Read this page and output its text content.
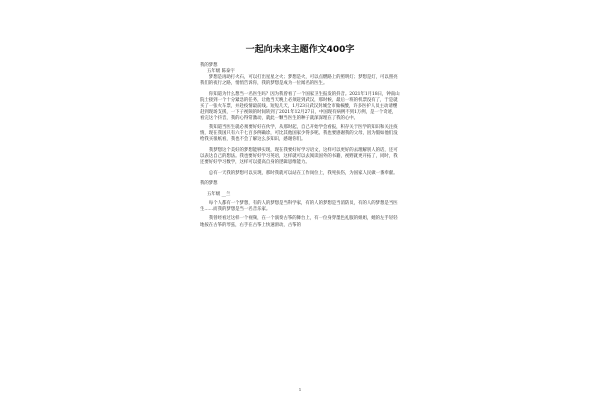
一起向未来主题作文400字

我的梦想

五年级 陈泰宇

梦想是再助打火石，可以打出星星之火；梦想是火，可以点燃路上的照明灯；梦想是灯，可以照亮我们的夜行之路，悄悄告诉你，我的梦想是成为一位闻名的医生。

你知道为什么想当一名医生吗？因为我曾看了一个国家卫生报发的抖音。2021年1月18日，钟南山院士接到一个十分紧急的任务，让他当天晚上必须赶到武汉，那时候，最后一班的机票没有了，于是就买了一张火车票，并赴疫情最前线。短短几天，1月23日武汉封城全市做核酸，许多医护人员主动请缨赶到现场支援，一下子视频的时间转到了2021年12月27日，中国现有病例不到1万例，是一个奇迹，看完这个抖音，我的心得常激动，就此一颗当医生的种子就深深埋在了我的心中。

我知道当医生就必须要好好在伙学，从那时起，自己开始学会看报，积存关于医学的知识和关注疫情，现在我国只有六千七百多例确诊，可比其他国家少得多呢。我也要感谢我的父母，因为假如他们没给我买很纸看，我也不会了解这么多知识，感谢你们。

我梦想这个美好的梦想能够实现，现在我要好好学习语文，这样可以更好的去理解别人的话，还可以表达自己的想法。我也要好好学习英语，这样就可以去阅读国外的书籍，视野就更开拓了，同时，我还要好好学习数学，这样可以提高自身的逻辑思维能力。

总有一天我的梦想可以实现，那时我就可以站在工作岗位上，我死扶伤，为国家人民做一番奉献。

我的梦想

五年级 __兰

每个人都有一个梦想，有的人的梦想是当科学家，有的人的梦想是当消防员，有的人的梦想是当医生……而我的梦想是当一名音乐家。

我曾经看过这样一个视频，在一个演奏古筝的舞台上，有一位身穿墨色礼服的姐姐，她的左手轻轻地按在古筝的琴弦，右手在古筝上快速滑动，古筝的

1
